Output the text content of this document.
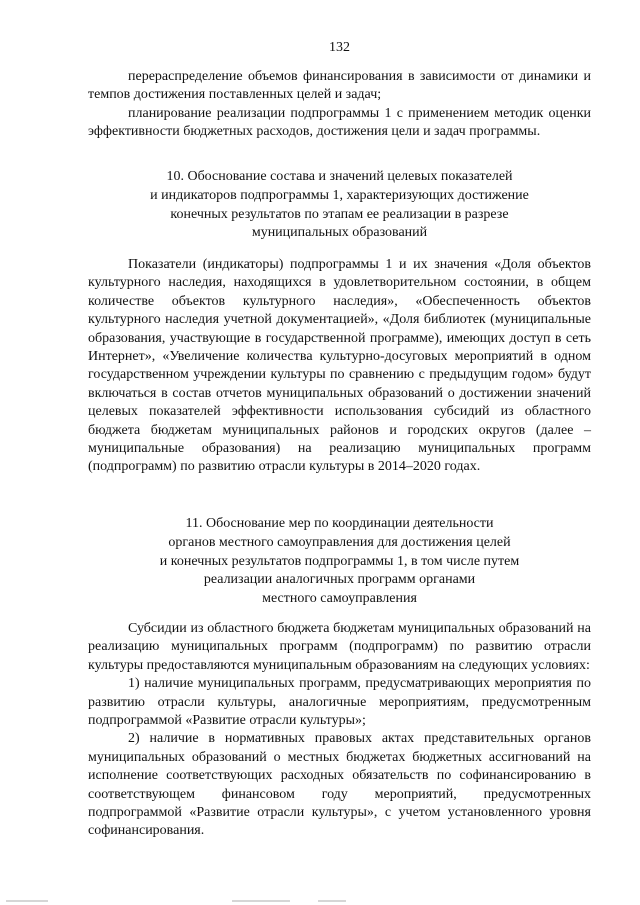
132

перераспределение объемов финансирования в зависимости от динамики и темпов достижения поставленных целей и задач;

планирование реализации подпрограммы 1 с применением методик оценки эффективности бюджетных расходов, достижения цели и задач программы.

10. Обоснование состава и значений целевых показателей
и индикаторов подпрограммы 1, характеризующих достижение
конечных результатов по этапам ее реализации в разрезе
муниципальных образований

Показатели (индикаторы) подпрограммы 1 и их значения «Доля объектов культурного наследия, находящихся в удовлетворительном состоянии, в общем количестве объектов культурного наследия», «Обеспеченность объектов культурного наследия учетной документацией», «Доля библиотек (муниципальные образования, участвующие в государственной программе), имеющих доступ в сеть Интернет», «Увеличение количества культурно-досуговых мероприятий в одном государственном учреждении культуры по сравнению с предыдущим годом» будут включаться в состав отчетов муниципальных образований о достижении значений целевых показателей эффективности использования субсидий из областного бюджета бюджетам муниципальных районов и городских округов (далее – муниципальные образования) на реализацию муниципальных программ (подпрограмм) по развитию отрасли культуры в 2014–2020 годах.

11. Обоснование мер по координации деятельности
органов местного самоуправления для достижения целей
и конечных результатов подпрограммы 1, в том числе путем
реализации аналогичных программ органами
местного самоуправления

Субсидии из областного бюджета бюджетам муниципальных образований на реализацию муниципальных программ (подпрограмм) по развитию отрасли культуры предоставляются муниципальным образованиям на следующих условиях:

1) наличие муниципальных программ, предусматривающих мероприятия по развитию отрасли культуры, аналогичные мероприятиям, предусмотренным подпрограммой «Развитие отрасли культуры»;

2) наличие в нормативных правовых актах представительных органов муниципальных образований о местных бюджетах бюджетных ассигнований на исполнение соответствующих расходных обязательств по софинансированию в соответствующем финансовом году мероприятий, предусмотренных подпрограммой «Развитие отрасли культуры», с учетом установленного уровня софинансирования.
